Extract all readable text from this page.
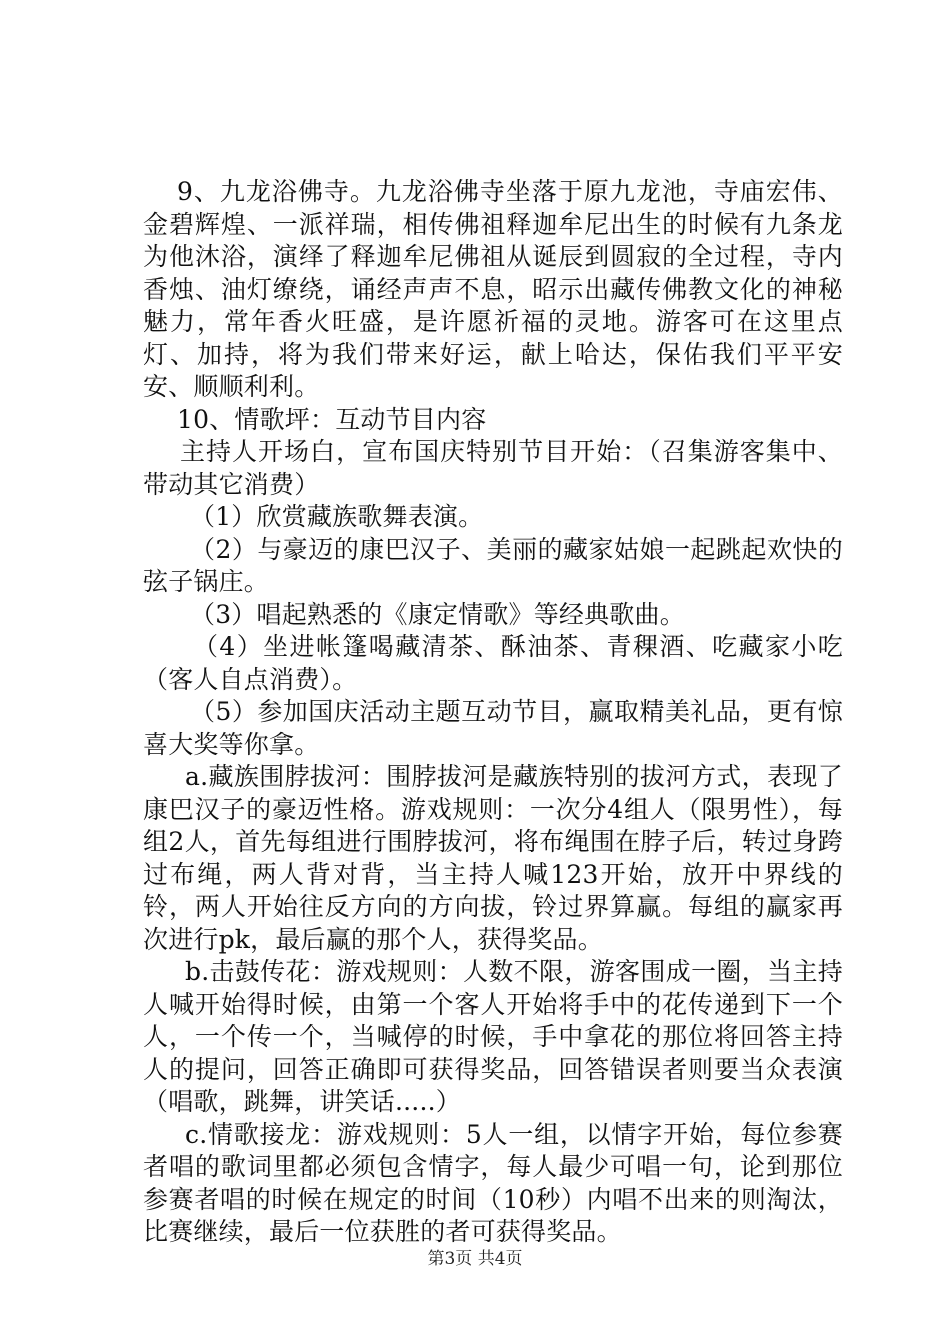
9、九龙浴佛寺。九龙浴佛寺坐落于原九龙池，寺庙宏伟、金碧辉煌、一派祥瑞，相传佛祖释迦牟尼出生的时候有九条龙为他沐浴，演绎了释迦牟尼佛祖从诞辰到圆寂的全过程，寺内香烛、油灯缭绕，诵经声声不息，昭示出藏传佛教文化的神秘魅力，常年香火旺盛，是许愿祈福的灵地。游客可在这里点灯、加持，将为我们带来好运，献上哈达，保佑我们平平安安、顺顺利利。

10、情歌坪：互动节目内容

主持人开场白，宣布国庆特别节目开始：（召集游客集中、带动其它消费）

（1）欣赏藏族歌舞表演。

（2）与豪迈的康巴汉子、美丽的藏家姑娘一起跳起欢快的弦子锅庄。

（3）唱起熟悉的《康定情歌》等经典歌曲。

（4）坐进帐篷喝藏清茶、酥油茶、青稞酒、吃藏家小吃（客人自点消费）。

（5）参加国庆活动主题互动节目，赢取精美礼品，更有惊喜大奖等你拿。

a.藏族围脖拔河：围脖拔河是藏族特别的拔河方式，表现了康巴汉子的豪迈性格。游戏规则：一次分4组人（限男性），每组2人，首先每组进行围脖拔河，将布绳围在脖子后，转过身跨过布绳，两人背对背，当主持人喊123开始，放开中界线的铃，两人开始往反方向的方向拔，铃过界算赢。每组的赢家再次进行pk，最后赢的那个人，获得奖品。

b.击鼓传花：游戏规则：人数不限，游客围成一圈，当主持人喊开始得时候，由第一个客人开始将手中的花传递到下一个人，一个传一个，当喊停的时候，手中拿花的那位将回答主持人的提问，回答正确即可获得奖品，回答错误者则要当众表演（唱歌，跳舞，讲笑话.....）

c.情歌接龙：游戏规则：5人一组，以情字开始，每位参赛者唱的歌词里都必须包含情字，每人最少可唱一句，论到那位参赛者唱的时候在规定的时间（10秒）内唱不出来的则淘汰，比赛继续，最后一位获胜的者可获得奖品。

第3页 共4页
